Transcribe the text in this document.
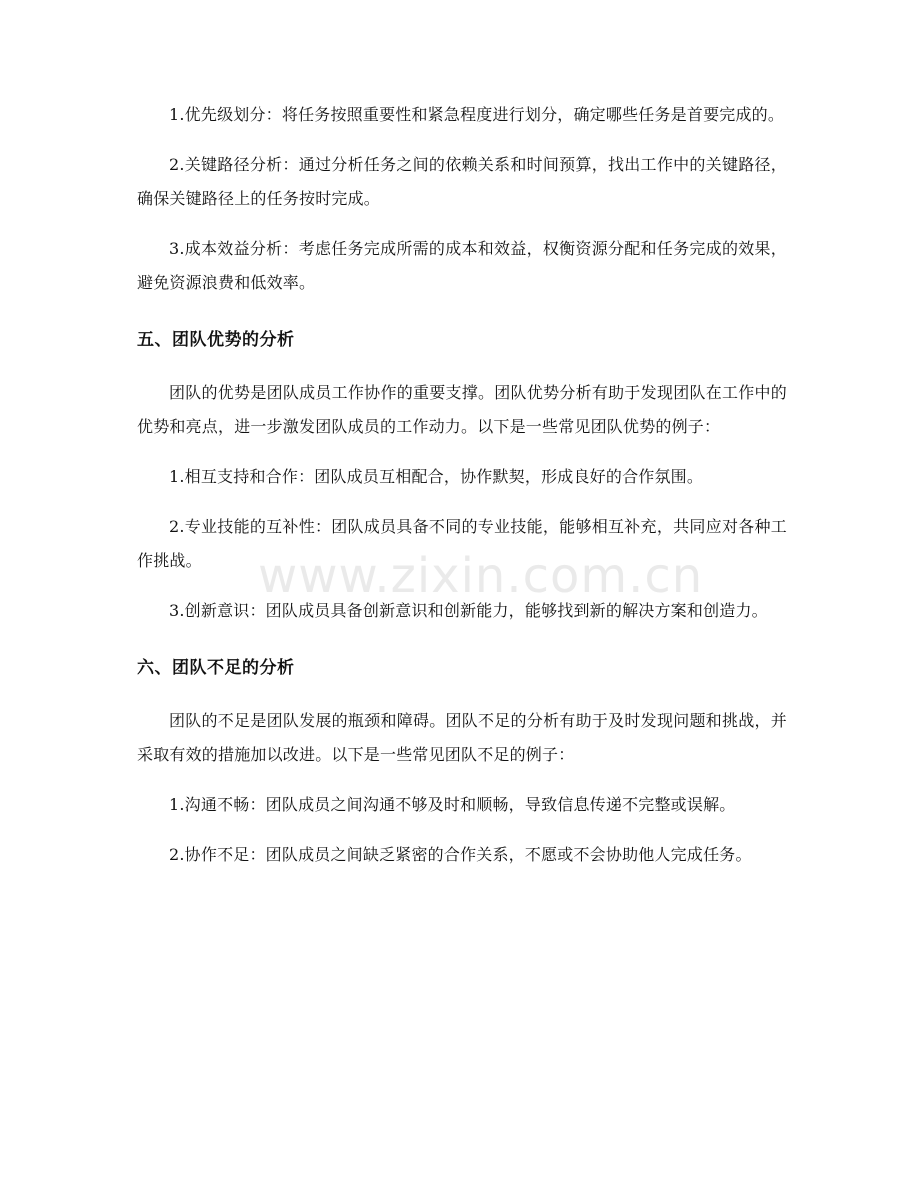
1.优先级划分：将任务按照重要性和紧急程度进行划分，确定哪些任务是首要完成的。

2.关键路径分析：通过分析任务之间的依赖关系和时间预算，找出工作中的关键路径，确保关键路径上的任务按时完成。

3.成本效益分析：考虑任务完成所需的成本和效益，权衡资源分配和任务完成的效果，避免资源浪费和低效率。

五、团队优势的分析

团队的优势是团队成员工作协作的重要支撑。团队优势分析有助于发现团队在工作中的优势和亮点，进一步激发团队成员的工作动力。以下是一些常见团队优势的例子：

1.相互支持和合作：团队成员互相配合，协作默契，形成良好的合作氛围。

2.专业技能的互补性：团队成员具备不同的专业技能，能够相互补充，共同应对各种工作挑战。

3.创新意识：团队成员具备创新意识和创新能力，能够找到新的解决方案和创造力。

六、团队不足的分析

团队的不足是团队发展的瓶颈和障碍。团队不足的分析有助于及时发现问题和挑战，并采取有效的措施加以改进。以下是一些常见团队不足的例子：

1.沟通不畅：团队成员之间沟通不够及时和顺畅，导致信息传递不完整或误解。

2.协作不足：团队成员之间缺乏紧密的合作关系，不愿或不会协助他人完成任务。

www.zixin.com.cn
